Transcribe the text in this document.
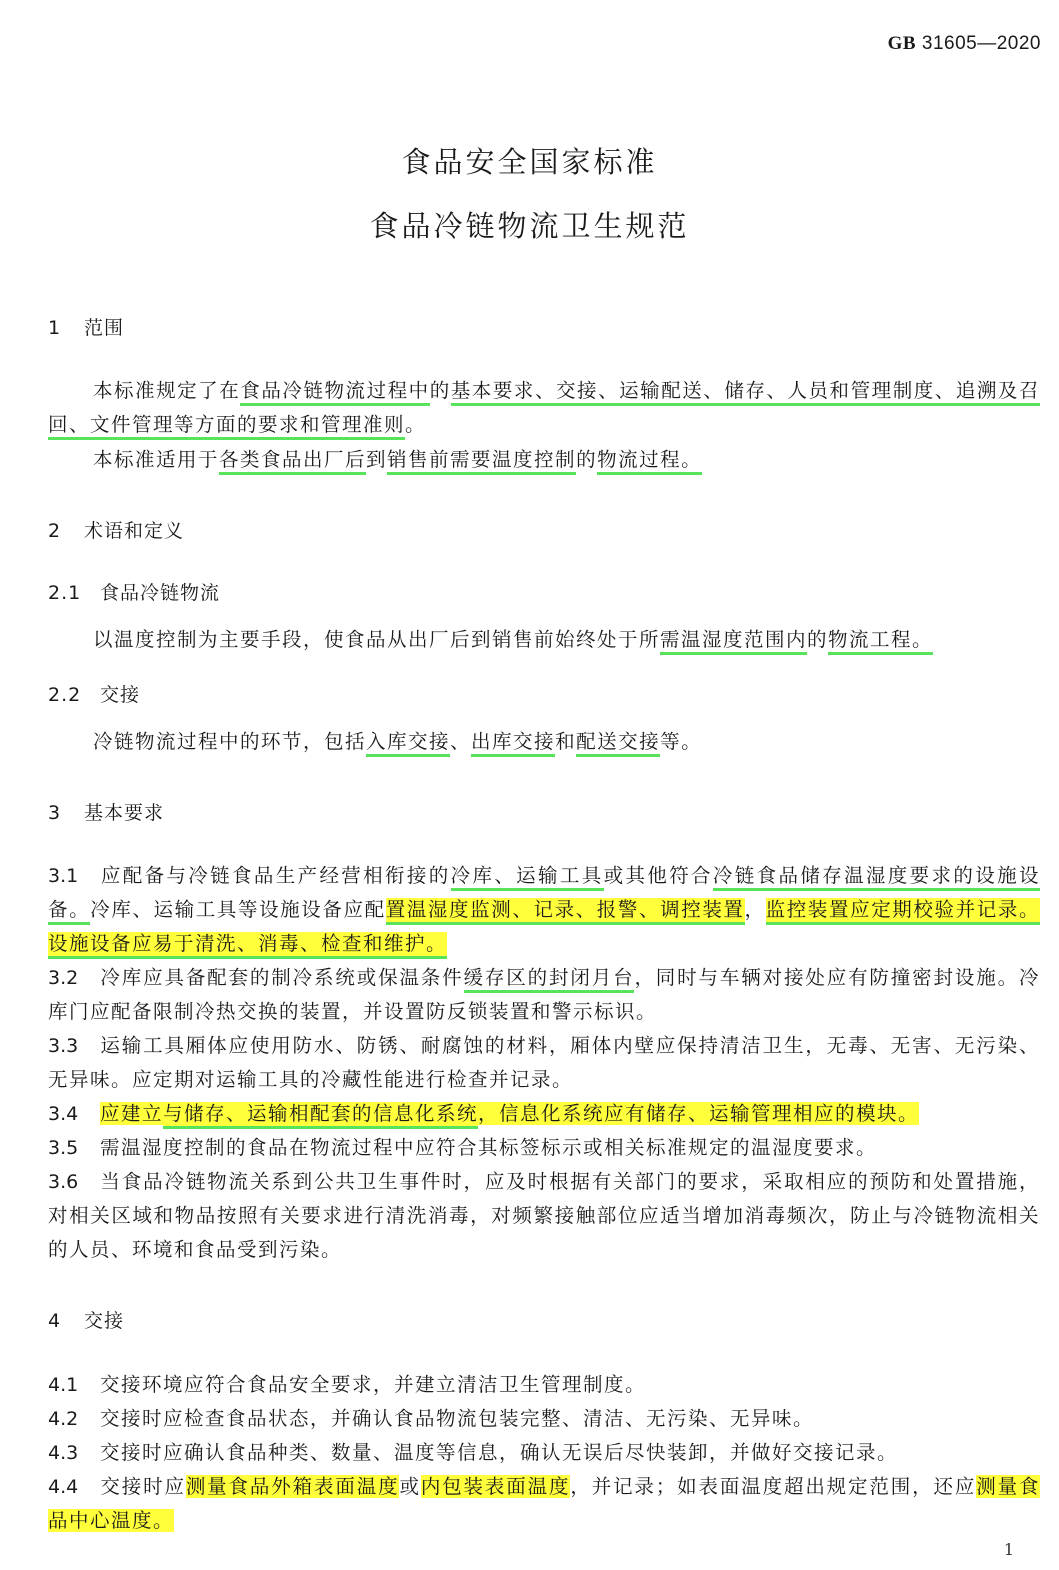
GB 31605—2020
食品安全国家标准
食品冷链物流卫生规范
1 范围
本标准规定了在食品冷链物流过程中的基本要求、交接、运输配送、储存、人员和管理制度、追溯及召回、文件管理等方面的要求和管理准则。
本标准适用于各类食品出厂后到销售前需要温度控制的物流过程。
2 术语和定义
2.1 食品冷链物流
以温度控制为主要手段，使食品从出厂后到销售前始终处于所需温湿度范围内的物流工程。
2.2 交接
冷链物流过程中的环节，包括入库交接、出库交接和配送交接等。
3 基本要求
3.1 应配备与冷链食品生产经营相衔接的冷库、运输工具或其他符合冷链食品储存温湿度要求的设施设备。冷库、运输工具等设施设备应配置温湿度监测、记录、报警、调控装置，监控装置应定期校验并记录。设施设备应易于清洗、消毒、检查和维护。
3.2 冷库应具备配套的制冷系统或保温条件缓存区的封闭月台，同时与车辆对接处应有防撞密封设施。冷库门应配备限制冷热交换的装置，并设置防反锁装置和警示标识。
3.3 运输工具厢体应使用防水、防锈、耐腐蚀的材料，厢体内壁应保持清洁卫生，无毒、无害、无污染、无异味。应定期对运输工具的冷藏性能进行检查并记录。
3.4 应建立与储存、运输相配套的信息化系统，信息化系统应有储存、运输管理相应的模块。
3.5 需温湿度控制的食品在物流过程中应符合其标签标示或相关标准规定的温湿度要求。
3.6 当食品冷链物流关系到公共卫生事件时，应及时根据有关部门的要求，采取相应的预防和处置措施，对相关区域和物品按照有关要求进行清洗消毒，对频繁接触部位应适当增加消毒频次，防止与冷链物流相关的人员、环境和食品受到污染。
4 交接
4.1 交接环境应符合食品安全要求，并建立清洁卫生管理制度。
4.2 交接时应检查食品状态，并确认食品物流包装完整、清洁、无污染、无异味。
4.3 交接时应确认食品种类、数量、温度等信息，确认无误后尽快装卸，并做好交接记录。
4.4 交接时应测量食品外箱表面温度或内包装表面温度，并记录；如表面温度超出规定范围，还应测量食品中心温度。
1
